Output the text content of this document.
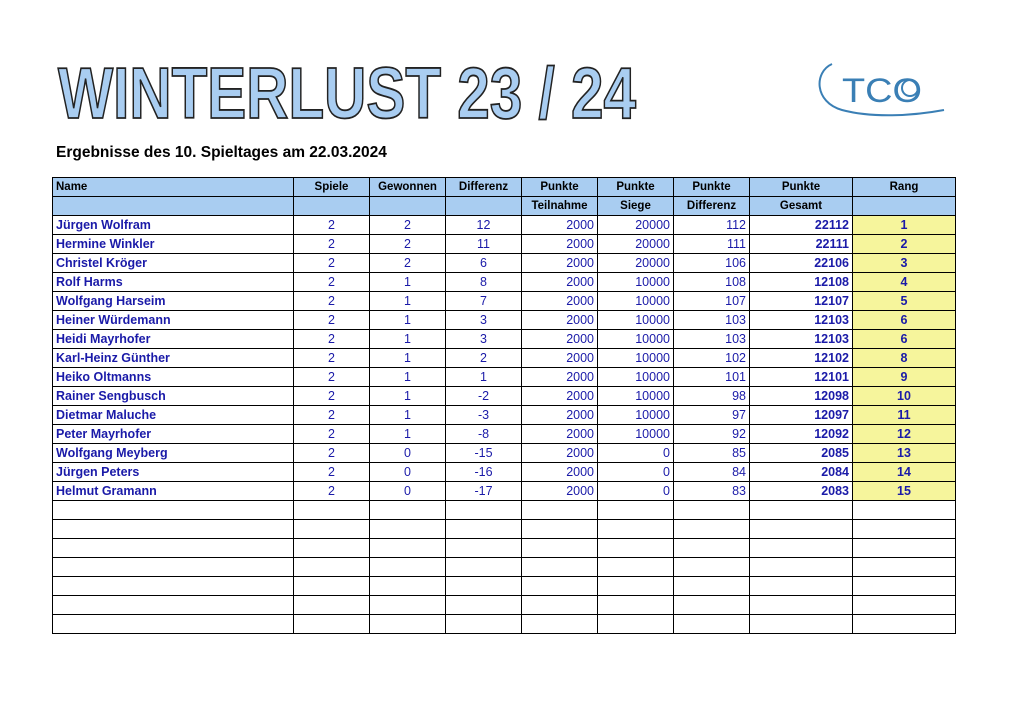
WINTERLUST 23 / 24	TCO
Ergebnisse des 10. Spieltages am 22.03.2024
Name	Spiele	Gewonnen	Differenz	Punkte	Punkte	Punkte	Punkte	Rang
				Teilnahme	Siege	Differenz	Gesamt	
Jürgen Wolfram	2	2	12	2000	20000	112	22112	1
Hermine Winkler	2	2	11	2000	20000	111	22111	2
Christel Kröger	2	2	6	2000	20000	106	22106	3
Rolf Harms	2	1	8	2000	10000	108	12108	4
Wolfgang Harseim	2	1	7	2000	10000	107	12107	5
Heiner Würdemann	2	1	3	2000	10000	103	12103	6
Heidi Mayrhofer	2	1	3	2000	10000	103	12103	6
Karl-Heinz Günther	2	1	2	2000	10000	102	12102	8
Heiko Oltmanns	2	1	1	2000	10000	101	12101	9
Rainer Sengbusch	2	1	-2	2000	10000	98	12098	10
Dietmar Maluche	2	1	-3	2000	10000	97	12097	11
Peter Mayrhofer	2	1	-8	2000	10000	92	12092	12
Wolfgang Meyberg	2	0	-15	2000	0	85	2085	13
Jürgen Peters	2	0	-16	2000	0	84	2084	14
Helmut Gramann	2	0	-17	2000	0	83	2083	15
